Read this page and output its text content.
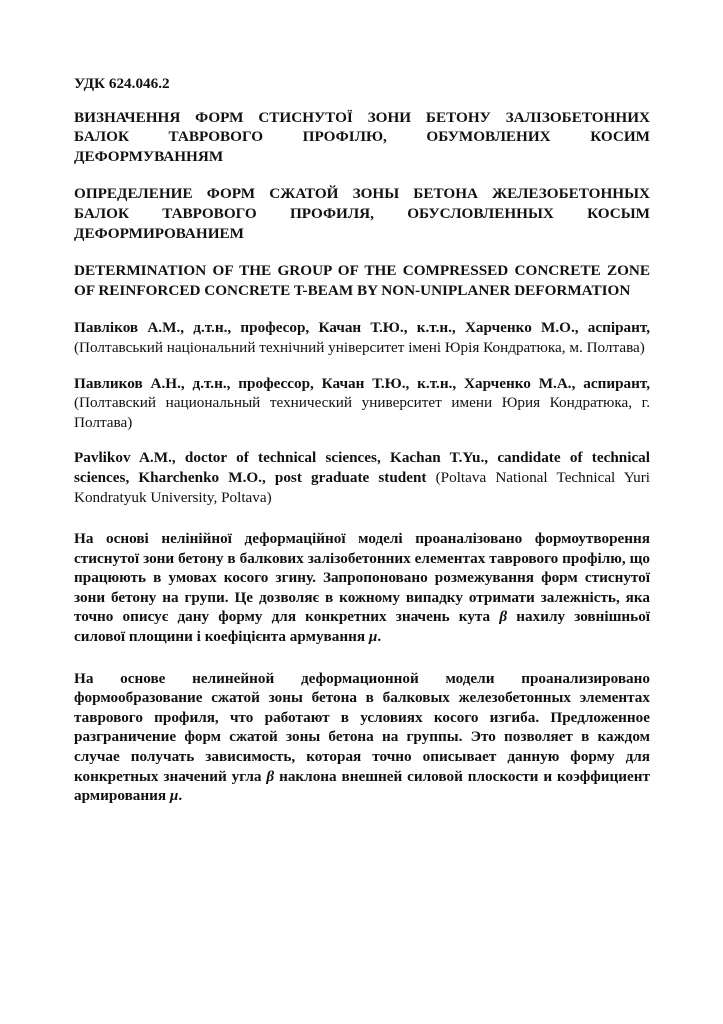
УДК 624.046.2

ВИЗНАЧЕННЯ ФОРМ СТИСНУТОЇ ЗОНИ БЕТОНУ ЗАЛІЗОБЕТОННИХ БАЛОК ТАВРОВОГО ПРОФІЛЮ, ОБУМОВЛЕНИХ КОСИМ ДЕФОРМУВАННЯМ

ОПРЕДЕЛЕНИЕ ФОРМ СЖАТОЙ ЗОНЫ БЕТОНА ЖЕЛЕЗОБЕТОННЫХ БАЛОК ТАВРОВОГО ПРОФИЛЯ, ОБУСЛОВЛЕННЫХ КОСЫМ ДЕФОРМИРОВАНИЕМ

DETERMINATION OF THE GROUP OF THE COMPRESSED CONCRETE ZONE OF REINFORCED CONCRETE T-BEAM BY NON-UNIPLANER DEFORMATION

Павліков А.М., д.т.н., професор, Качан Т.Ю., к.т.н., Харченко М.О., аспірант, (Полтавський національний технічний університет імені Юрія Кондратюка, м. Полтава)

Павликов А.Н., д.т.н., профессор, Качан Т.Ю., к.т.н., Харченко М.А., аспирант, (Полтавский национальный технический университет имени Юрия Кондратюка, г. Полтава)

Pavlikov A.M., doctor of technical sciences, Kachan T.Yu., candidate of technical sciences, Kharchenko M.O., post graduate student (Poltava National Technical Yuri Kondratyuk University, Poltava)

На основі нелінійної деформаційної моделі проаналізовано формоутворення стиснутої зони бетону в балкових залізобетонних елементах таврового профілю, що працюють в умовах косого згину. Запропоновано розмежування форм стиснутої зони бетону на групи. Це дозволяє в кожному випадку отримати залежність, яка точно описує дану форму для конкретних значень кута β нахилу зовнішньої силової площини і коефіцієнта армування μ.

На основе нелинейной деформационной модели проанализировано формообразование сжатой зоны бетона в балковых железобетонных элементах таврового профиля, что работают в условиях косого изгиба. Предложенное разграничение форм сжатой зоны бетона на группы. Это позволяет в каждом случае получать зависимость, которая точно описывает данную форму для конкретных значений угла β наклона внешней силовой плоскости и коэффициент армирования μ.
